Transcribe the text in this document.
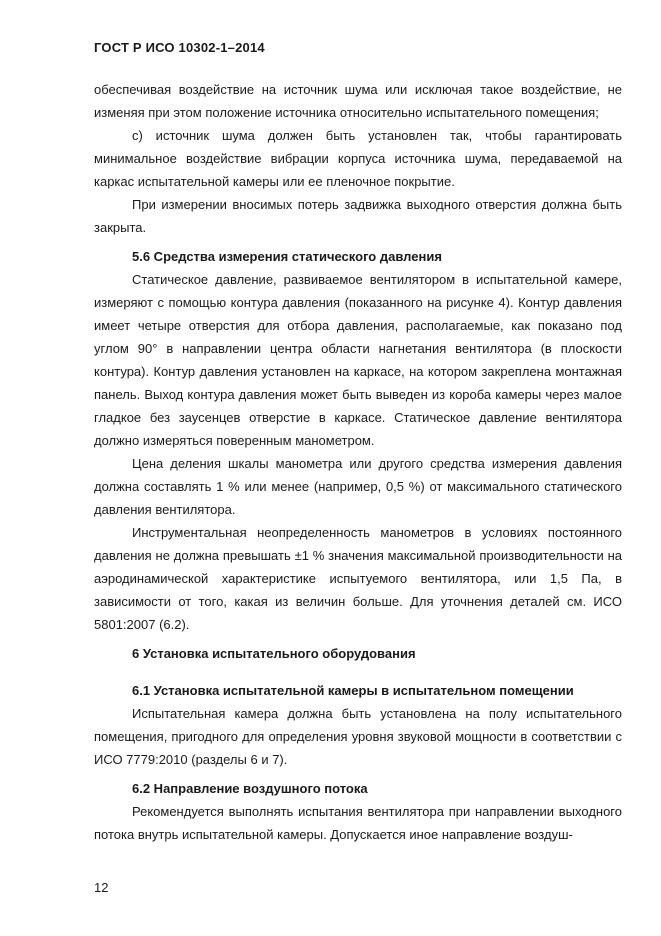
ГОСТ Р ИСО 10302-1–2014

обеспечивая воздействие на источник шума или исключая такое воздействие, не изменяя при этом положение источника относительно испытательного помещения;

с) источник шума должен быть установлен так, чтобы гарантировать минимальное воздействие вибрации корпуса источника шума, передаваемой на каркас испытательной камеры или ее пленочное покрытие.

При измерении вносимых потерь задвижка выходного отверстия должна быть закрыта.

5.6 Средства измерения статического давления

Статическое давление, развиваемое вентилятором в испытательной камере, измеряют с помощью контура давления (показанного на рисунке 4). Контур давления имеет четыре отверстия для отбора давления, располагаемые, как показано под углом 90° в направлении центра области нагнетания вентилятора (в плоскости контура). Контур давления установлен на каркасе, на котором закреплена монтажная панель. Выход контура давления может быть выведен из короба камеры через малое гладкое без заусенцев отверстие в каркасе. Статическое давление вентилятора должно измеряться поверенным манометром.

Цена деления шкалы манометра или другого средства измерения давления должна составлять 1 % или менее (например, 0,5 %) от максимального статического давления вентилятора.

Инструментальная неопределенность манометров в условиях постоянного давления не должна превышать ±1 % значения максимальной производительности на аэродинамической характеристике испытуемого вентилятора, или 1,5 Па, в зависимости от того, какая из величин больше. Для уточнения деталей см. ИСО 5801:2007 (6.2).

6 Установка испытательного оборудования

6.1 Установка испытательной камеры в испытательном помещении

Испытательная камера должна быть установлена на полу испытательного помещения, пригодного для определения уровня звуковой мощности в соответствии с ИСО 7779:2010 (разделы 6 и 7).

6.2 Направление воздушного потока

Рекомендуется выполнять испытания вентилятора при направлении выходного потока внутрь испытательной камеры. Допускается иное направление воздуш-

12
